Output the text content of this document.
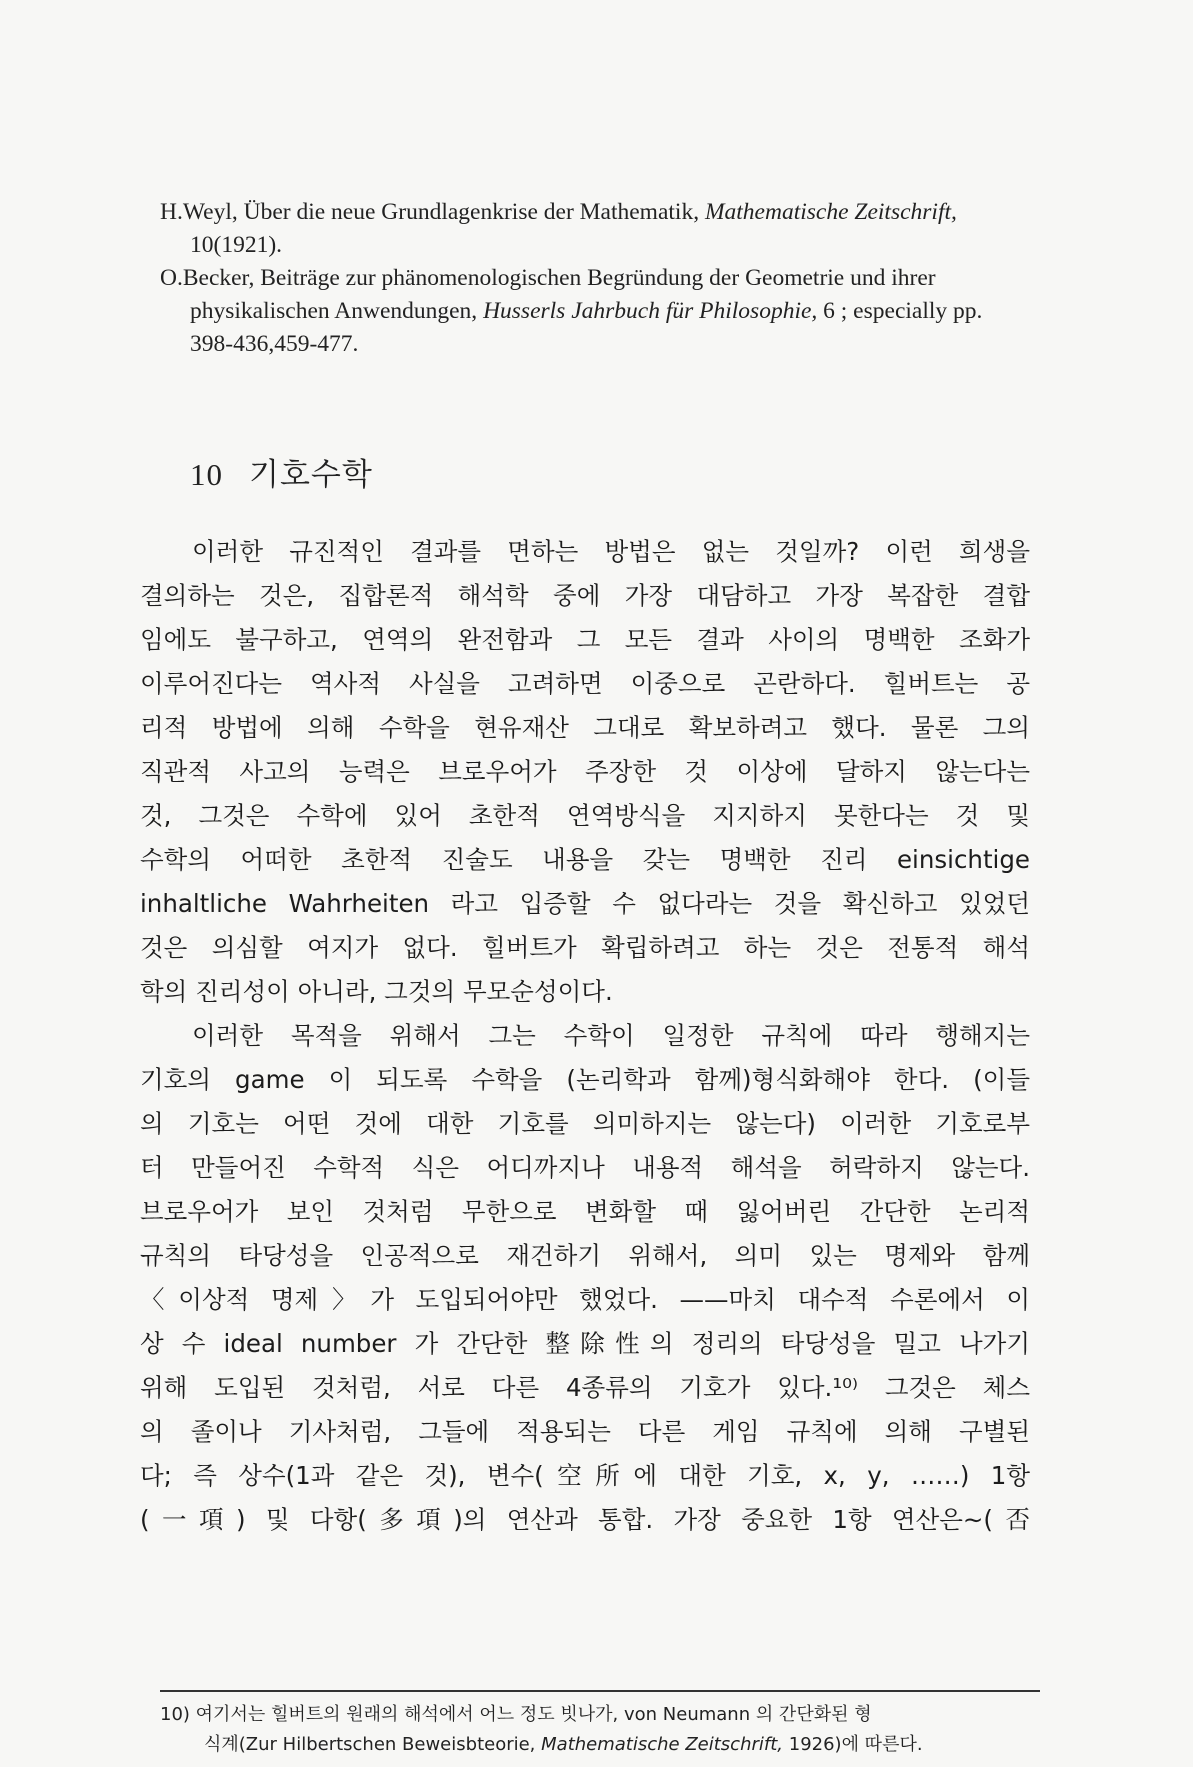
H.Weyl, Über die neue Grundlagenkrise der Mathematik, Mathematische Zeitschrift,
10(1921).

O.Becker, Beiträge zur phänomenologischen Begründung der Geometrie und ihrer
physikalischen Anwendungen, Husserls Jahrbuch für Philosophie, 6 ; especially pp.
398-436,459-477.

10 기호수학
이러한 규진적인 결과를 면하는 방법은 없는 것일까? 이런 희생을
결의하는 것은, 집합론적 해석학 중에 가장 대담하고 가장 복잡한 결합
임에도 불구하고, 연역의 완전함과 그 모든 결과 사이의 명백한 조화가
이루어진다는 역사적 사실을 고려하면 이중으로 곤란하다. 힐버트는 공
리적 방법에 의해 수학을 현유재산 그대로 확보하려고 했다. 물론 그의
직관적 사고의 능력은 브로우어가 주장한 것 이상에 달하지 않는다는
것, 그것은 수학에 있어 초한적 연역방식을 지지하지 못한다는 것 및
수학의 어떠한 초한적 진술도 내용을 갖는 명백한 진리 einsichtige
inhaltliche Wahrheiten 라고 입증할 수 없다라는 것을 확신하고 있었던
것은 의심할 여지가 없다. 힐버트가 확립하려고 하는 것은 전통적 해석
학의 진리성이 아니라, 그것의 무모순성이다.
이러한 목적을 위해서 그는 수학이 일정한 규칙에 따라 행해지는
기호의 game 이 되도록 수학을 (논리학과 함께)형식화해야 한다. (이들
의 기호는 어떤 것에 대한 기호를 의미하지는 않는다) 이러한 기호로부
터 만들어진 수학적 식은 어디까지나 내용적 해석을 허락하지 않는다.
브로우어가 보인 것처럼 무한으로 변화할 때 잃어버린 간단한 논리적
규칙의 타당성을 인공적으로 재건하기 위해서, 의미 있는 명제와 함께
〈이상적 명제〉가 도입되어야만 했었다. ——마치 대수적 수론에서 이
상 수 ideal number 가 간단한 整除性의 정리의 타당성을 밀고 나가기
위해 도입된 것처럼, 서로 다른 4종류의 기호가 있다.¹⁰⁾ 그것은 체스
의 졸이나 기사처럼, 그들에 적용되는 다른 게임 규칙에 의해 구별된
다; 즉 상수(1과 같은 것), 변수(空所에 대한 기호, x, y, ……) 1항
(一項) 및 다항(多項)의 연산과 통합. 가장 중요한 1항 연산은∼(否
10) 여기서는 힐버트의 원래의 해석에서 어느 정도 빗나가, von Neumann 의 간단화된 형
식계(Zur Hilbertschen Beweisbteorie, Mathematische Zeitschrift, 1926)에 따른다.
